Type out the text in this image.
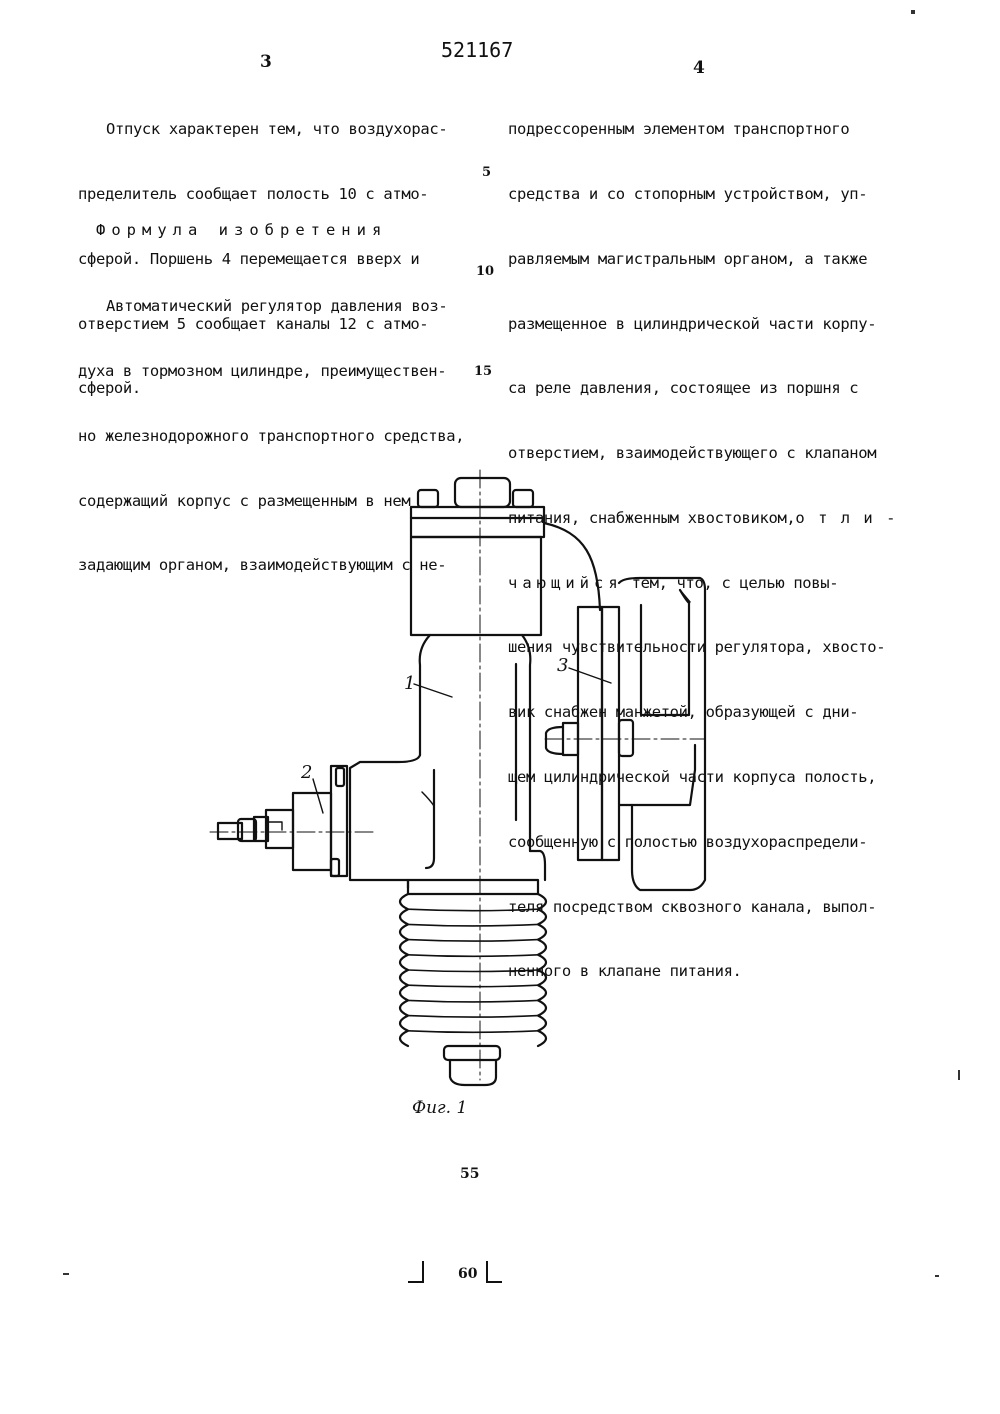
521167
3	4

Отпуск характерен тем, что воздухорас-

пределитель сообщает полость 10 с атмо-

сферой. Поршень 4 перемещается вверх и

отверстием 5 сообщает каналы 12 с атмо-

сферой.

Формула изобретения

Автоматический регулятор давления воз-

духа в тормозном цилиндре, преимуществен-

но железнодорожного транспортного средства,

содержащий корпус с размещенным в нем

задающим органом, взаимодействующим с не-

5
10
15

подрессоренным элементом транспортного

средства и со стопорным устройством, уп-

равляемым магистральным органом, а также

размещенное в цилиндрической части корпу-

са реле давления, состоящее из поршня с

отверстием, взаимодействующего с клапаном

питания, снабженным хвостовиком,о т л и -

чающийся тем, что, с целью повы-

шения чувствительности регулятора, хвосто-

вик снабжен манжетой, образующей с дни-

щем цилиндрической части корпуса полость,

сообщенную с полостью воздухораспредели-

теля посредством сквозного канала, выпол-

ненного в клапане питания.

1
2
3
Фиг. 1
55
60
